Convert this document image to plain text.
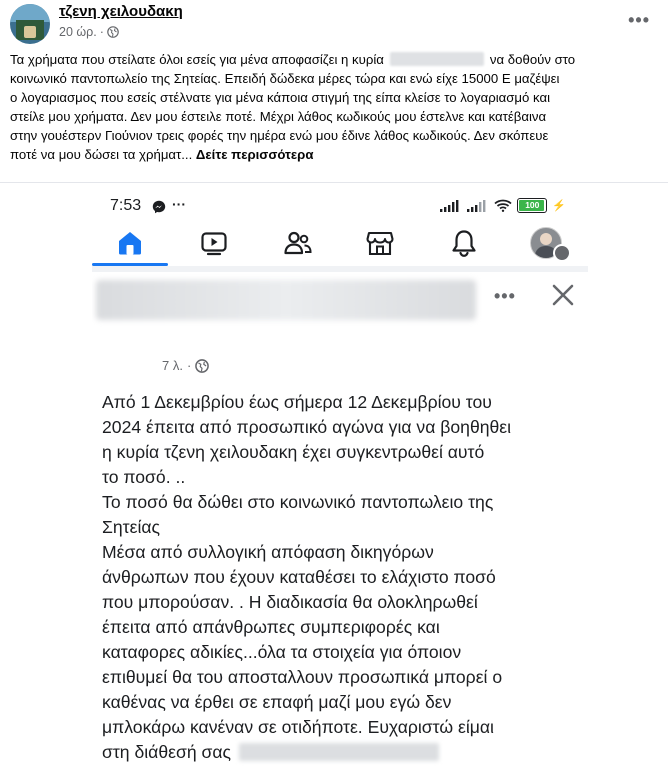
τζενη χειλουδακη
20 ώρ. ·
•••

Τα χρήματα που στείλατε όλοι εσείς για μένα αποφασίζει η κυρία	να δοθούν στο

κοινωνικό παντοπωλείο της Σητείας. Επειδή δώδεκα μέρες τώρα και ενώ είχε 15000 Ε μαζέψει

ο λογαριασμος που εσείς στέλνατε για μένα κάποια στιγμή της είπα κλείσε το λογαριασμό και

στείλε μου χρήματα. Δεν μου έστειλε ποτέ. Μέχρι λάθος κωδικούς μου έστελνε και κατέβαινα

στην γουέστερν Γιούνιον τρεις φορές την ημέρα ενώ μου έδινε λάθος κωδικούς. Δεν σκόπευε

ποτέ να μου δώσει τα χρήματ... Δείτε περισσότερα

7:53 ···	100	⚡
•••
7 λ. ·
Από 1 Δεκεμβρίου έως σήμερα 12 Δεκεμβρίου του
2024 έπειτα από προσωπικό αγώνα για να βοηθηθει
η κυρία τζενη χειλουδακη έχει συγκεντρωθεί αυτό
το ποσό. ..
Το ποσό θα δώθει στο κοινωνικό παντοπωλειο της
Σητείας
Μέσα από συλλογική απόφαση δικηγόρων
άνθρωπων που έχουν καταθέσει το ελάχιστο ποσό
που μπορούσαν. . Η διαδικασία θα ολοκληρωθεί
έπειτα από απάνθρωπες συμπεριφορές και
καταφορες αδικίες...όλα τα στοιχεία για όποιον
επιθυμεί θα του αποσταλλουν προσωπικά μπορεί ο
καθένας να έρθει σε επαφή μαζί μου εγώ δεν
μπλοκάρω κανέναν σε οτιδήποτε. Ευχαριστώ είμαι
στη διάθεσή σας
